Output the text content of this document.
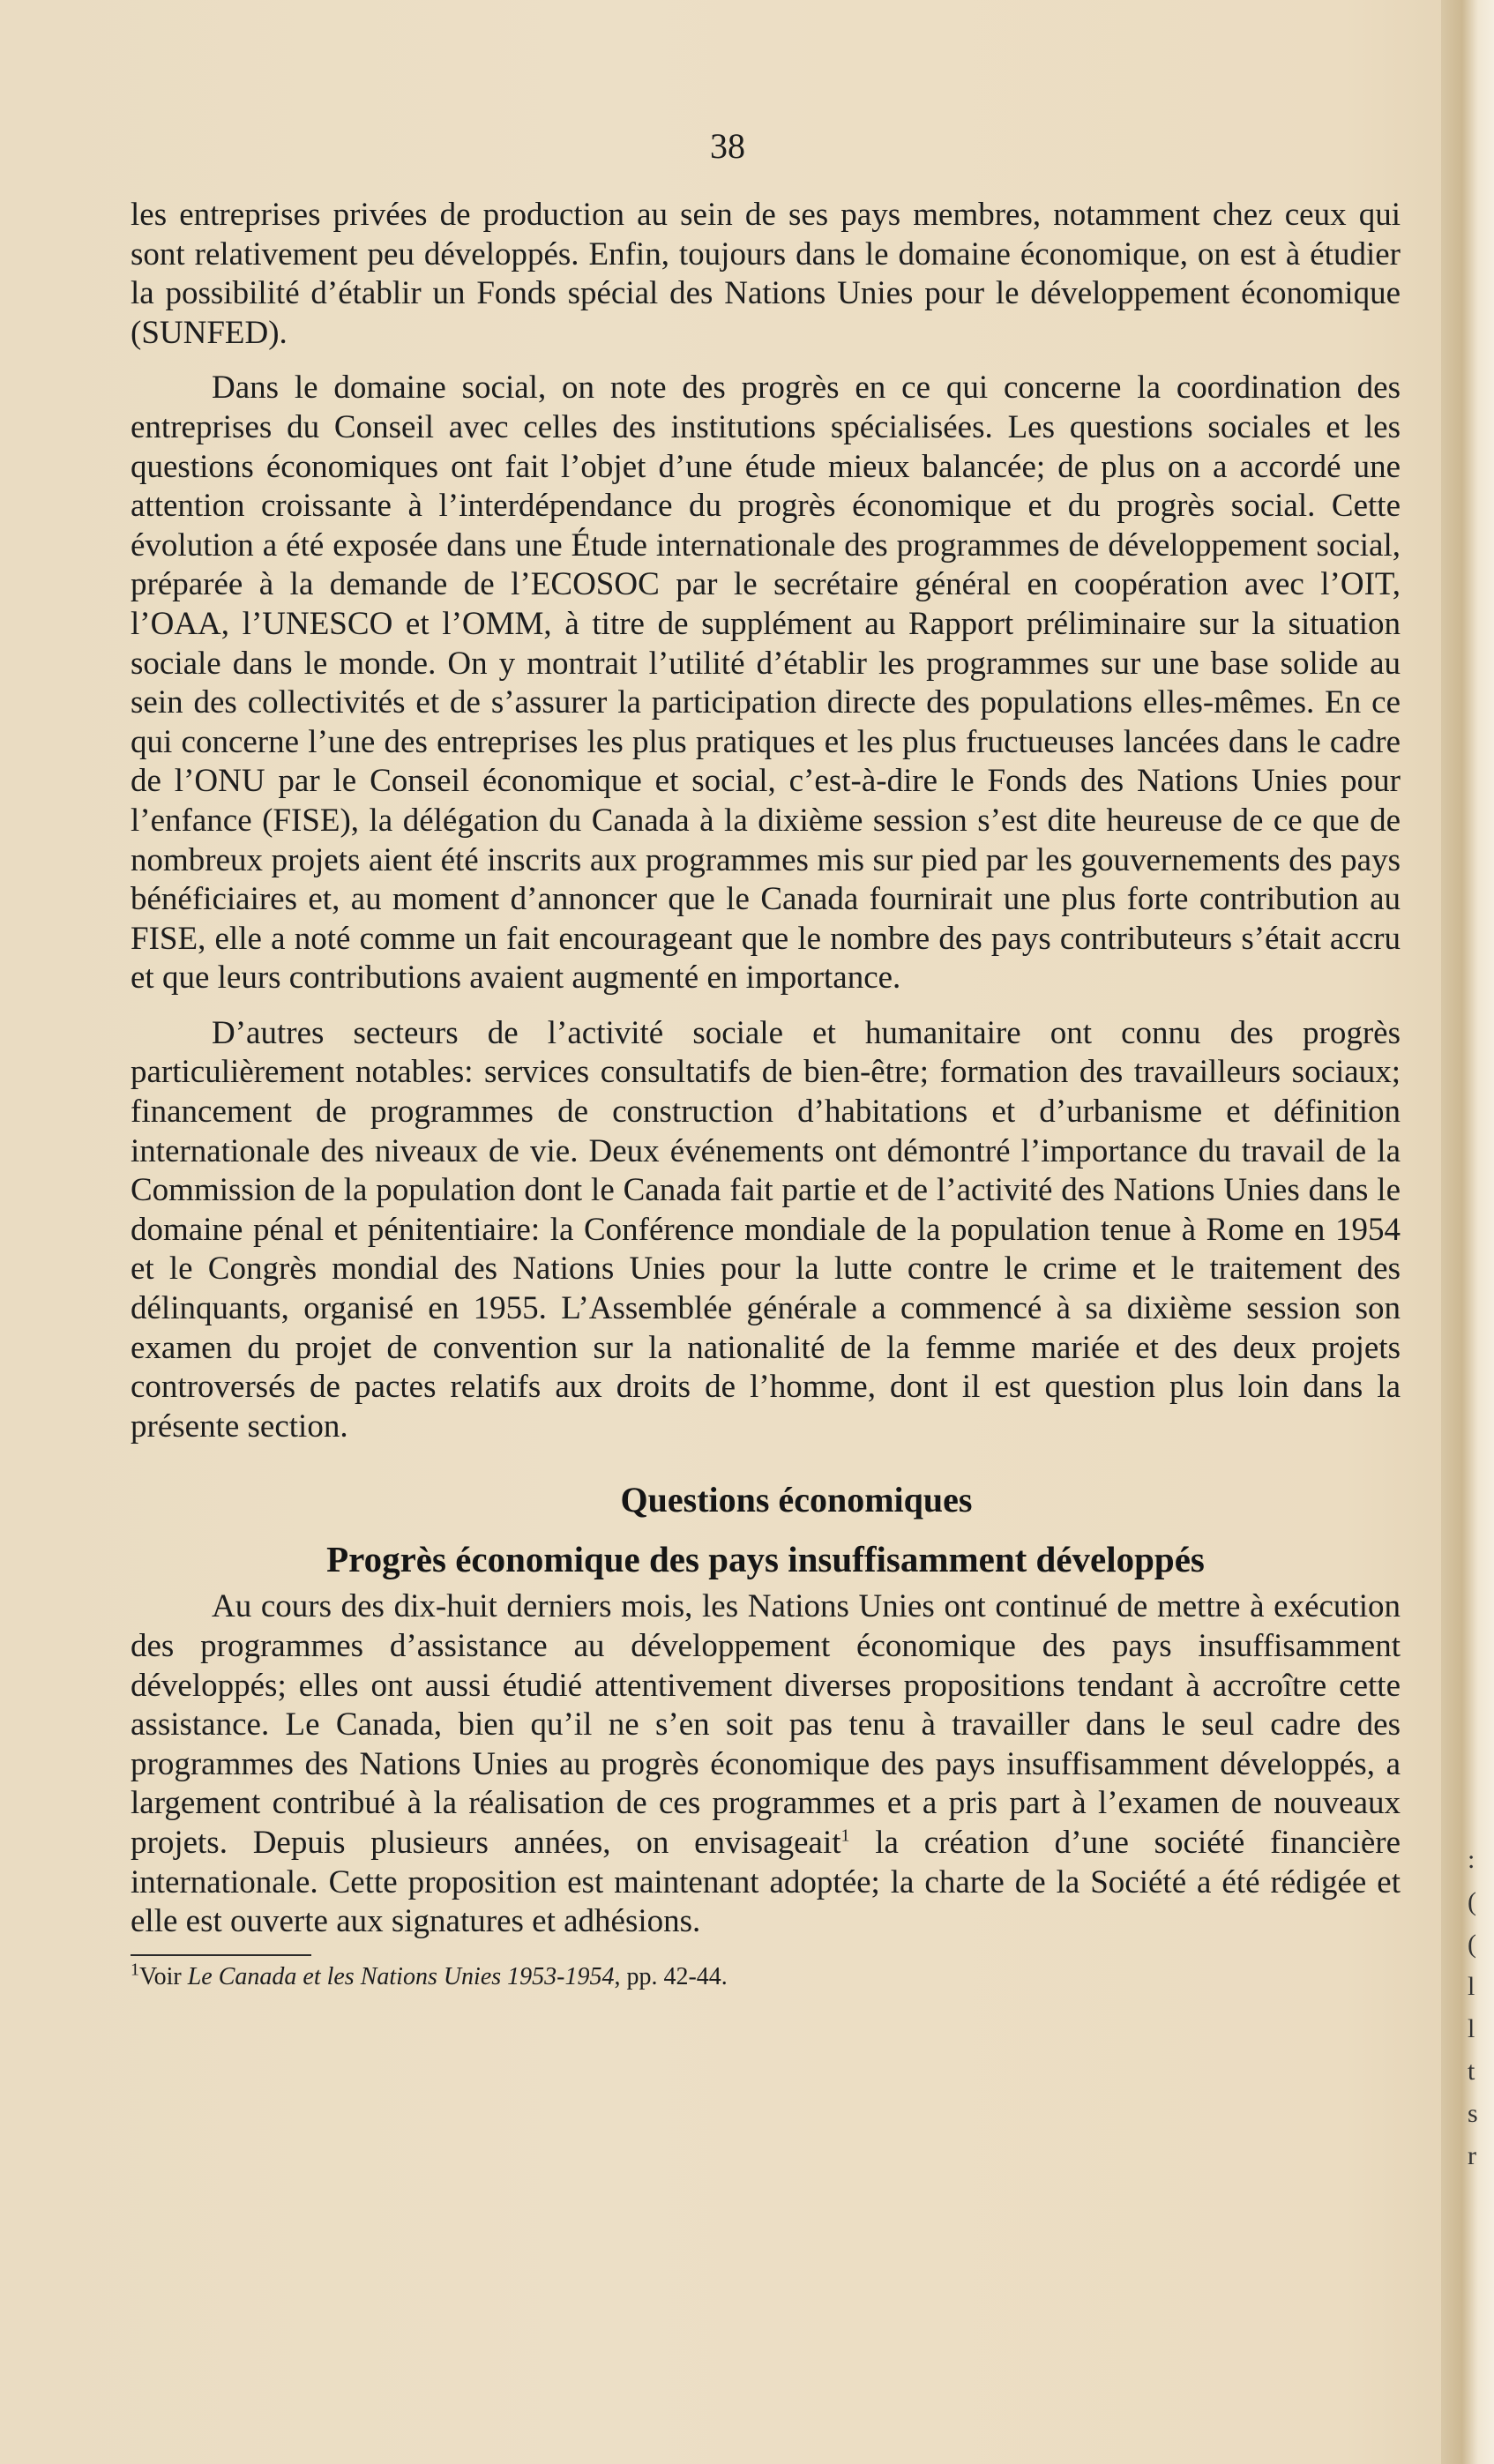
38

les entreprises privées de production au sein de ses pays membres, notamment chez ceux qui sont relativement peu développés. Enfin, toujours dans le domaine économique, on est à étudier la possibilité d’établir un Fonds spécial des Nations Unies pour le développement économique (SUNFED).

Dans le domaine social, on note des progrès en ce qui concerne la coordination des entreprises du Conseil avec celles des institutions spécialisées. Les questions sociales et les questions économiques ont fait l’objet d’une étude mieux balancée; de plus on a accordé une attention croissante à l’interdépendance du progrès économique et du progrès social. Cette évolution a été exposée dans une Étude internationale des programmes de développement social, préparée à la demande de l’ECOSOC par le secrétaire général en coopération avec l’OIT, l’OAA, l’UNESCO et l’OMM, à titre de supplément au Rapport préliminaire sur la situation sociale dans le monde. On y montrait l’utilité d’établir les programmes sur une base solide au sein des collectivités et de s’assurer la participation directe des populations elles-mêmes. En ce qui concerne l’une des entreprises les plus pratiques et les plus fructueuses lancées dans le cadre de l’ONU par le Conseil économique et social, c’est-à-dire le Fonds des Nations Unies pour l’enfance (FISE), la délégation du Canada à la dixième session s’est dite heureuse de ce que de nombreux projets aient été inscrits aux programmes mis sur pied par les gouvernements des pays bénéficiaires et, au moment d’annoncer que le Canada fournirait une plus forte contribution au FISE, elle a noté comme un fait encourageant que le nombre des pays contributeurs s’était accru et que leurs contributions avaient augmenté en importance.

D’autres secteurs de l’activité sociale et humanitaire ont connu des progrès particulièrement notables: services consultatifs de bien-être; formation des travailleurs sociaux; financement de programmes de construction d’habitations et d’urbanisme et définition internationale des niveaux de vie. Deux événements ont démontré l’importance du travail de la Commission de la population dont le Canada fait partie et de l’activité des Nations Unies dans le domaine pénal et pénitentiaire: la Conférence mondiale de la population tenue à Rome en 1954 et le Congrès mondial des Nations Unies pour la lutte contre le crime et le traitement des délinquants, organisé en 1955. L’Assemblée générale a commencé à sa dixième session son examen du projet de convention sur la nationalité de la femme mariée et des deux projets controversés de pactes relatifs aux droits de l’homme, dont il est question plus loin dans la présente section.

Questions économiques
Progrès économique des pays insuffisamment développés

Au cours des dix-huit derniers mois, les Nations Unies ont continué de mettre à exécution des programmes d’assistance au développement économique des pays insuffisamment développés; elles ont aussi étudié attentivement diverses propositions tendant à accroître cette assistance. Le Canada, bien qu’il ne s’en soit pas tenu à travailler dans le seul cadre des programmes des Nations Unies au progrès économique des pays insuffisamment développés, a largement contribué à la réalisation de ces programmes et a pris part à l’examen de nouveaux projets. Depuis plusieurs années, on envisageait$^1$ la création d’une société financière internationale. Cette proposition est maintenant adoptée; la charte de la Société a été rédigée et elle est ouverte aux signatures et adhésions.

$^1$Voir Le Canada et les Nations Unies 1953-1954, pp. 42-44.
:
(
(
l
l
t
s
r
